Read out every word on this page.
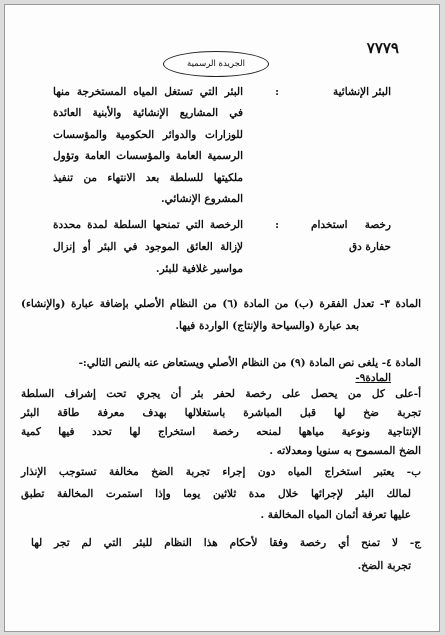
٧٧٧٩
الجريدة الرسمية
البئر الإنشائية
:
البئر التي تستغل المياه المستخرجة منها
في المشاريع الإنشائية والأبنية العائدة
للوزارات والدوائر الحكومية والمؤسسات
الرسمية العامة والمؤسسات العامة وتؤول
ملكيتها للسلطة بعد الانتهاء من تنفيذ
المشروع الإنشائي.
رخصة استخدام
حفارة دق
:
الرخصة التي تمنحها السلطة لمدة محددة
لإزالة العائق الموجود في البئر أو إنزال
مواسير غلافية للبئر.
المادة ٣- تعدل الفقرة (ب) من المادة (٦) من النظام الأصلي بإضافة عبارة (والإنشاء)
بعد عبارة (والسياحة والإنتاج) الواردة فيها.
المادة ٤- يلغى نص المادة (٩) من النظام الأصلي ويستعاض عنه بالنص التالي:-
المادة٩-
أ-على كل من يحصل على رخصة لحفر بئر أن يجري تحت إشراف السلطة
تجربة ضخ لها قبل المباشرة باستغلالها بهدف معرفة طاقة البئر
الإنتاجية ونوعية مياهها لمنحه رخصة استخراج لها تحدد فيها كمية
الضخ المسموح به سنويا ومعدلاته .
ب- يعتبر استخراج المياه دون إجراء تجربة الضخ مخالفة تستوجب الإنذار
لمالك البئر لإجرائها خلال مدة ثلاثين يوما وإذا استمرت المخالفة تطبق
عليها تعرفة أثمان المياه المخالفة .
ج- لا تمنح أي رخصة وفقا لأحكام هذا النظام للبئر التي لم تجر لها
تجربة الضخ.
